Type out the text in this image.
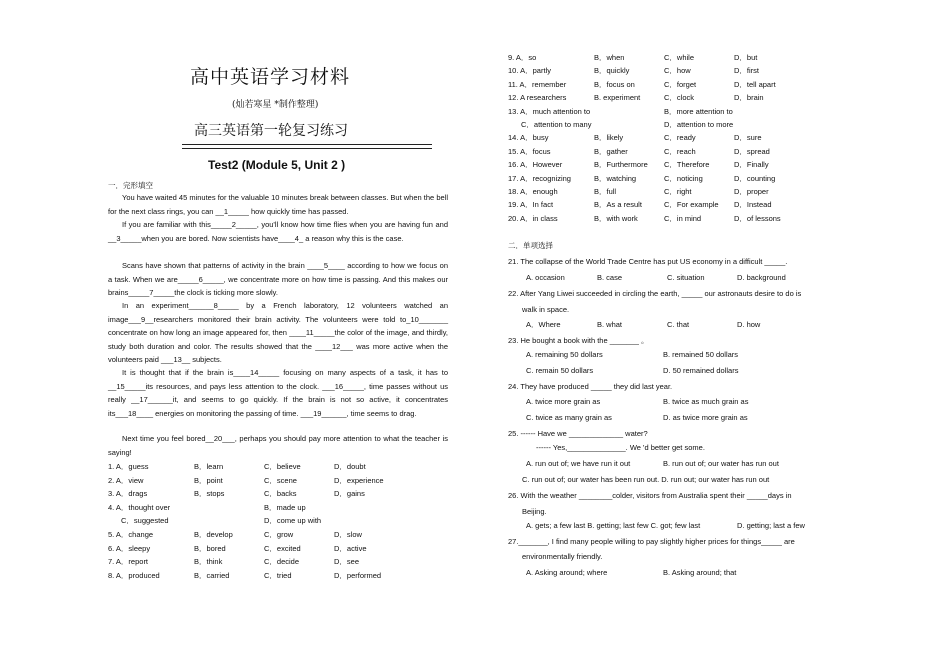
高中英语学习材料
(灿若寒星 *制作整理)
高三英语第一轮复习练习
Test2 (Module 5, Unit 2 )
一．完形填空
You have waited 45 minutes for the valuable 10 minutes break between classes. But when the bell for the next class rings, you can __1_____ how quickly time has passed.
If you are familiar with this_____2_____, you'll know how time flies when you are having fun and __3_____when you are bored. Now scientists have____4_ a reason why this is the case.
Scans have shown that patterns of activity in the brain ____5____ according to how we focus on a task. When we are_____6_____, we concentrate more on how time is passing. And this makes our brains_____7_____the clock is ticking more slowly.
In an experiment______8_____ by a French laboratory, 12 volunteers watched an image___9__researchers monitored their brain activity. The volunteers were told to_10_______ concentrate on how long an image appeared for, then ____11_____the color of the image, and thirdly, study both duration and color. The results showed that the ____12___ was more active when the volunteers paid ___13__ subjects.
It is thought that if the brain is____14_____ focusing on many aspects of a task, it has to __15_____its resources, and pays less attention to the clock. ___16_____, time passes without us really __17______it, and seems to go quickly. If the brain is not so active, it concentrates its___18____ energies on monitoring the passing of time. ___19______, time seems to drag.
Next time you feel bored__20___, perhaps you should pay more attention to what the teacher is saying!
1. A．guess	B．learn	C．believe	D．doubt
2. A．view	B．point	C．scene	D．experience
3. A．drags	B．stops	C．backs	D．gains
4. A．thought over	B．made up
C．suggested	D．come up with
5. A．change	B．develop	C．grow	D．slow
6. A．sleepy	B．bored	C．excited	D．active
7. A．report	B．think	C．decide	D．see
8. A．produced	B．carried	C．tried	D．performed
9. A．so	B．when	C．while	D．but
10. A．partly	B．quickly	C．how	D．first
11. A．remember	B．focus on	C．forget	D．tell apart
12. A researchers	B. experiment	C．clock	D．brain
13. A．much attention to	B．more attention to
C．attention to many	D．attention to more
14. A．busy	B．likely	C．ready	D．sure
15. A．focus	B．gather	C．reach	D．spread
16. A．However	B．Furthermore C．Therefore	D．Finally
17. A．recognizing	B．watching	C．noticing	D．counting
18. A．enough	B．full	C．right	D．proper
19. A．In fact	B．As a result	C．For example D．Instead
20. A．in class	B．with work	C．in mind	D．of lessons
二．单项选择
21. The collapse of the World Trade Centre has put US economy in a difficult _____.
A. occasion	B. case	C. situation	D. background
22. After Yang Liwei succeeded in circling the earth, _____ our astronauts desire to do is
walk in space.
A．Where	B. what	C. that	D. how
23. He bought a book with the _______ 。
A. remaining 50 dollars	B. remained 50 dollars
C. remain 50 dollars	D. 50 remained dollars
24. They have produced _____ they did last year.
A. twice more grain as	B. twice as much grain as
C. twice as many grain as	D. as twice more grain as
25. ------ Have we _____________ water?
------ Yes,______________. We 'd better get some.
A. run out of; we have run it out	B. run out of; our water has run out
C. run out of; our water has been run out. D. run out; our water has run out
26. With the weather ________colder, visitors from Australia spent their _____days in
Beijing.
A. gets; a few last B. getting; last few C. got; few last	D. getting; last a few
27._______, I find many people willing to pay slightly higher prices for things_____ are
environmentally friendly.
A. Asking around; where	B. Asking around; that
